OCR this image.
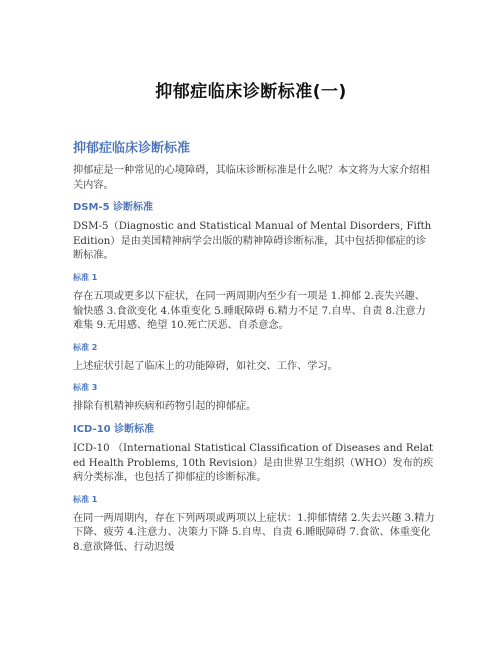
抑郁症临床诊断标准(一)
抑郁症临床诊断标准
抑郁症是一种常见的心境障碍，其临床诊断标准是什么呢？本文将为大家介绍相关内容。
DSM-5 诊断标准
DSM-5（Diagnostic and Statistical Manual of Mental Disorders, Fifth Edition）是由美国精神病学会出版的精神障碍诊断标准，其中包括抑郁症的诊断标准。
标准 1
存在五项或更多以下症状，在同一两周期内至少有一项是 1.抑郁 2.丧失兴趣、愉快感 3.食欲变化 4.体重变化 5.睡眠障碍 6.精力不足 7.自卑、自责 8.注意力难集 9.无用感、绝望 10.死亡厌恶、自杀意念。
标准 2
上述症状引起了临床上的功能障碍，如社交、工作、学习。
标准 3
排除有机精神疾病和药物引起的抑郁症。
ICD-10 诊断标准
ICD-10 （International Statistical Classification of Diseases and Related Health Problems, 10th Revision）是由世界卫生组织（WHO）发布的疾病分类标准，也包括了抑郁症的诊断标准。
标准 1
在同一两周期内，存在下列两项或两项以上症状：1.抑郁情绪 2.失去兴趣 3.精力下降、疲劳 4.注意力、决策力下降 5.自卑、自责 6.睡眠障碍 7.食欲、体重变化 8.意欲降低、行动迟缓
